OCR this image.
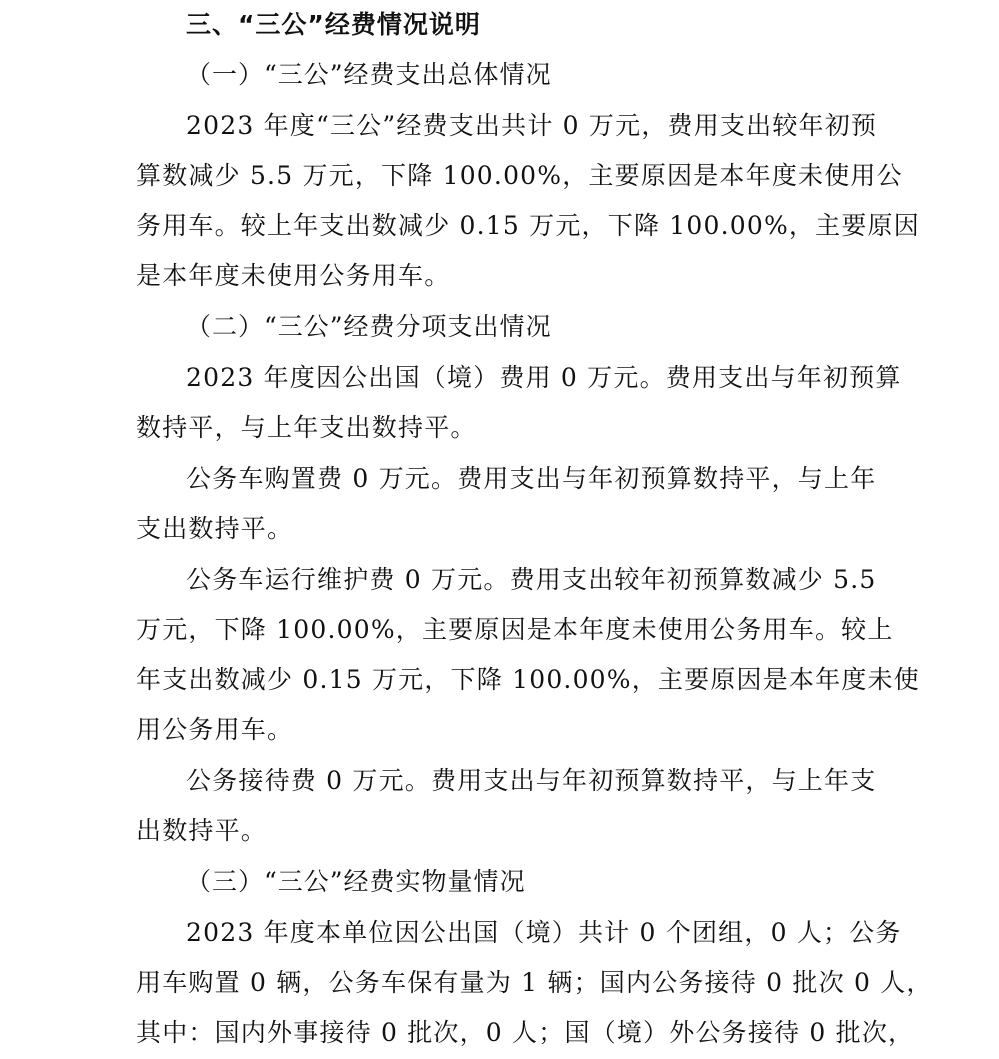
三、“三公”经费情况说明
（一）“三公”经费支出总体情况
2023 年度“三公”经费支出共计 0 万元，费用支出较年初预
算数减少 5.5 万元，下降 100.00%，主要原因是本年度未使用公
务用车。较上年支出数减少 0.15 万元，下降 100.00%，主要原因
是本年度未使用公务用车。
（二）“三公”经费分项支出情况
2023 年度因公出国（境）费用 0 万元。费用支出与年初预算
数持平，与上年支出数持平。
公务车购置费 0 万元。费用支出与年初预算数持平，与上年
支出数持平。
公务车运行维护费 0 万元。费用支出较年初预算数减少 5.5
万元，下降 100.00%，主要原因是本年度未使用公务用车。较上
年支出数减少 0.15 万元，下降 100.00%，主要原因是本年度未使
用公务用车。
公务接待费 0 万元。费用支出与年初预算数持平，与上年支
出数持平。
（三）“三公”经费实物量情况
2023 年度本单位因公出国（境）共计 0 个团组，0 人；公务
用车购置 0 辆，公务车保有量为 1 辆；国内公务接待 0 批次 0 人，
其中：国内外事接待 0 批次，0 人；国（境）外公务接待 0 批次，
